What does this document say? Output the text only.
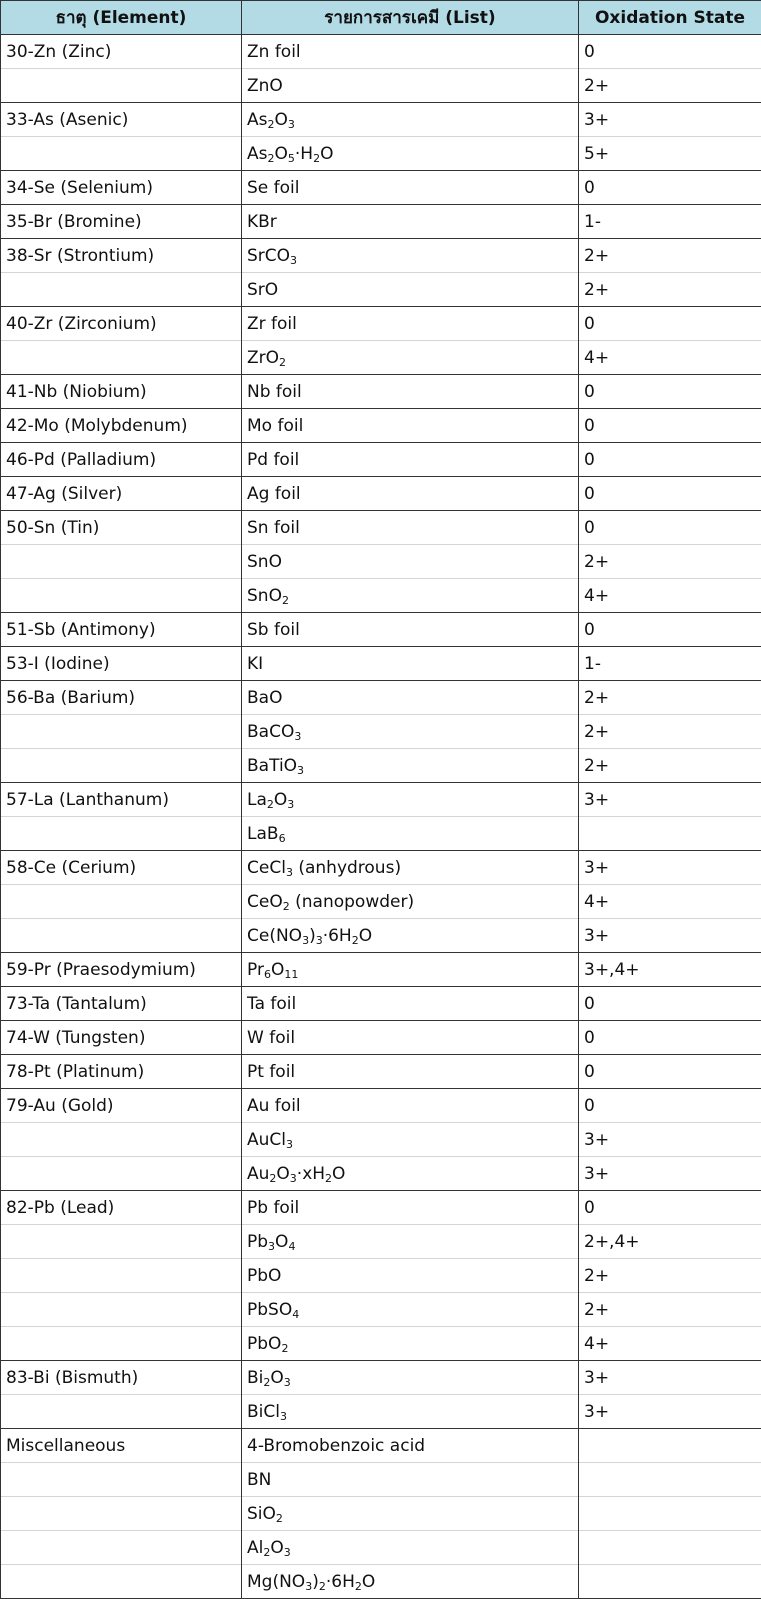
ธาตุ (Element)	รายการสารเคมี (List)	Oxidation State
30-Zn (Zinc)	Zn foil	0
	ZnO	2+
33-As (Asenic)	$As_2O_3$	3+
	$As_2O_5\cdot H_2O$	5+
34-Se (Selenium)	Se foil	0
35-Br (Bromine)	KBr	1-
38-Sr (Strontium)	SrCO$_3$	2+
	SrO	2+
40-Zr (Zirconium)	Zr foil	0
	ZrO$_2$	4+
41-Nb (Niobium)	Nb foil	0
42-Mo (Molybdenum)	Mo foil	0
46-Pd (Palladium)	Pd foil	0
47-Ag (Silver)	Ag foil	0
50-Sn (Tin)	Sn foil	0
	SnO	2+
	SnO$_2$	4+
51-Sb (Antimony)	Sb foil	0
53-I (Iodine)	KI	1-
56-Ba (Barium)	BaO	2+
	BaCO$_3$	2+
	BaTiO$_3$	2+
57-La (Lanthanum)	$La_2O_3$	3+
	LaB$_6$	
58-Ce (Cerium)	CeCl$_3$ (anhydrous)	3+
	CeO$_2$ (nanopowder)	4+
	$Ce(NO_3)_3\cdot 6H_2O$	3+
59-Pr (Praesodymium)	$Pr_6O_{11}$	3+,4+
73-Ta (Tantalum)	Ta foil	0
74-W (Tungsten)	W foil	0
78-Pt (Platinum)	Pt foil	0
79-Au (Gold)	Au foil	0
	AuCl$_3$	3+
	$Au_2O_3\cdot xH_2O$	3+
82-Pb (Lead)	Pb foil	0
	$Pb_3O_4$	2+,4+
	PbO	2+
	PbSO$_4$	2+
	PbO$_2$	4+
83-Bi (Bismuth)	$Bi_2O_3$	3+
	BiCl$_3$	3+
Miscellaneous	4-Bromobenzoic acid	
	BN	
	SiO$_2$	
	$Al_2O_3$	
	$Mg(NO_3)_2\cdot 6H_2O$	
